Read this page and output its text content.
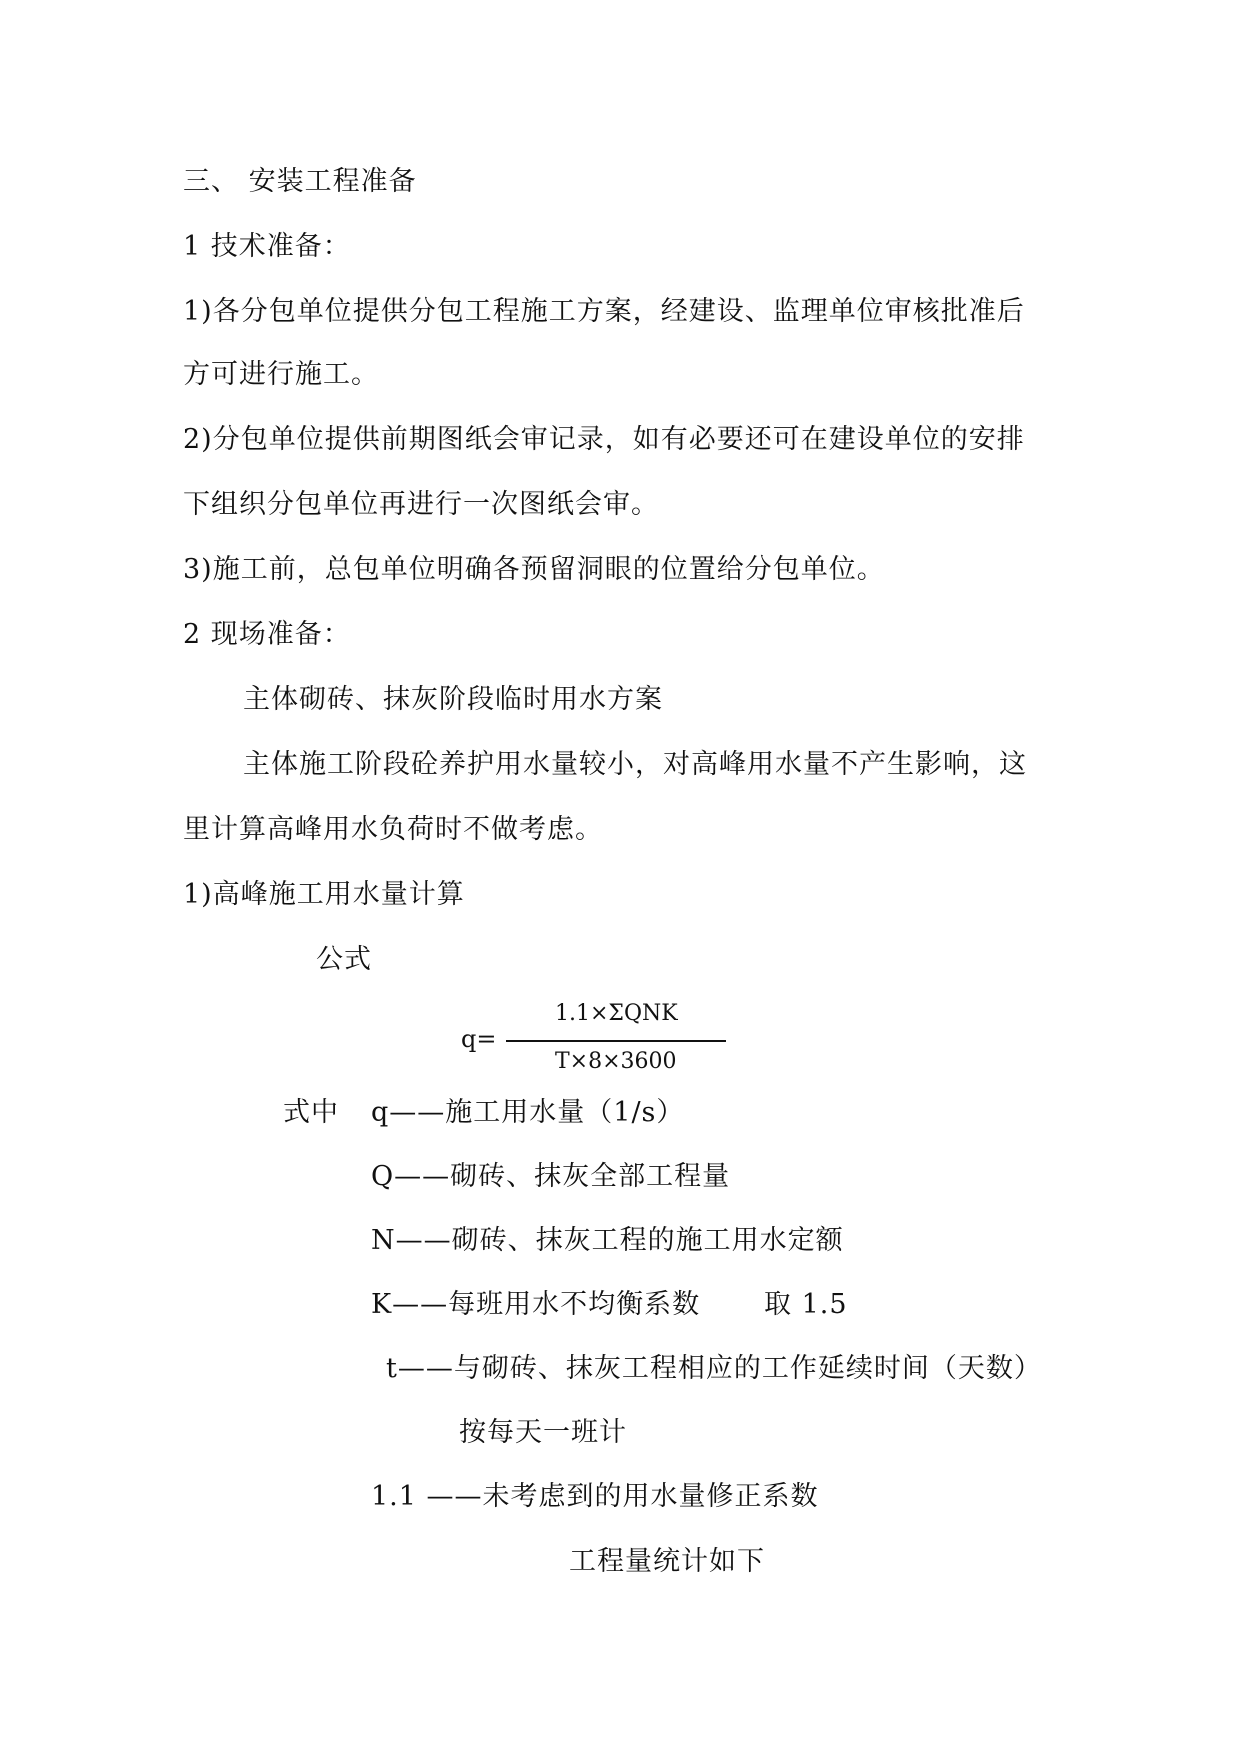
三、 安装工程准备
1 技术准备：
1)各分包单位提供分包工程施工方案，经建设、监理单位审核批准后
方可进行施工。
2)分包单位提供前期图纸会审记录，如有必要还可在建设单位的安排
下组织分包单位再进行一次图纸会审。
3)施工前，总包单位明确各预留洞眼的位置给分包单位。
2 现场准备：
主体砌砖、抹灰阶段临时用水方案
主体施工阶段砼养护用水量较小，对高峰用水量不产生影响，这
里计算高峰用水负荷时不做考虑。
1)高峰施工用水量计算
公式
q=
1.1×ΣQNK
T×8×3600
式中 q——施工用水量（1/s）
Q——砌砖、抹灰全部工程量
N——砌砖、抹灰工程的施工用水定额
K——每班用水不均衡系数 取 1.5
t——与砌砖、抹灰工程相应的工作延续时间（天数）
按每天一班计
1.1 ——未考虑到的用水量修正系数
工程量统计如下
